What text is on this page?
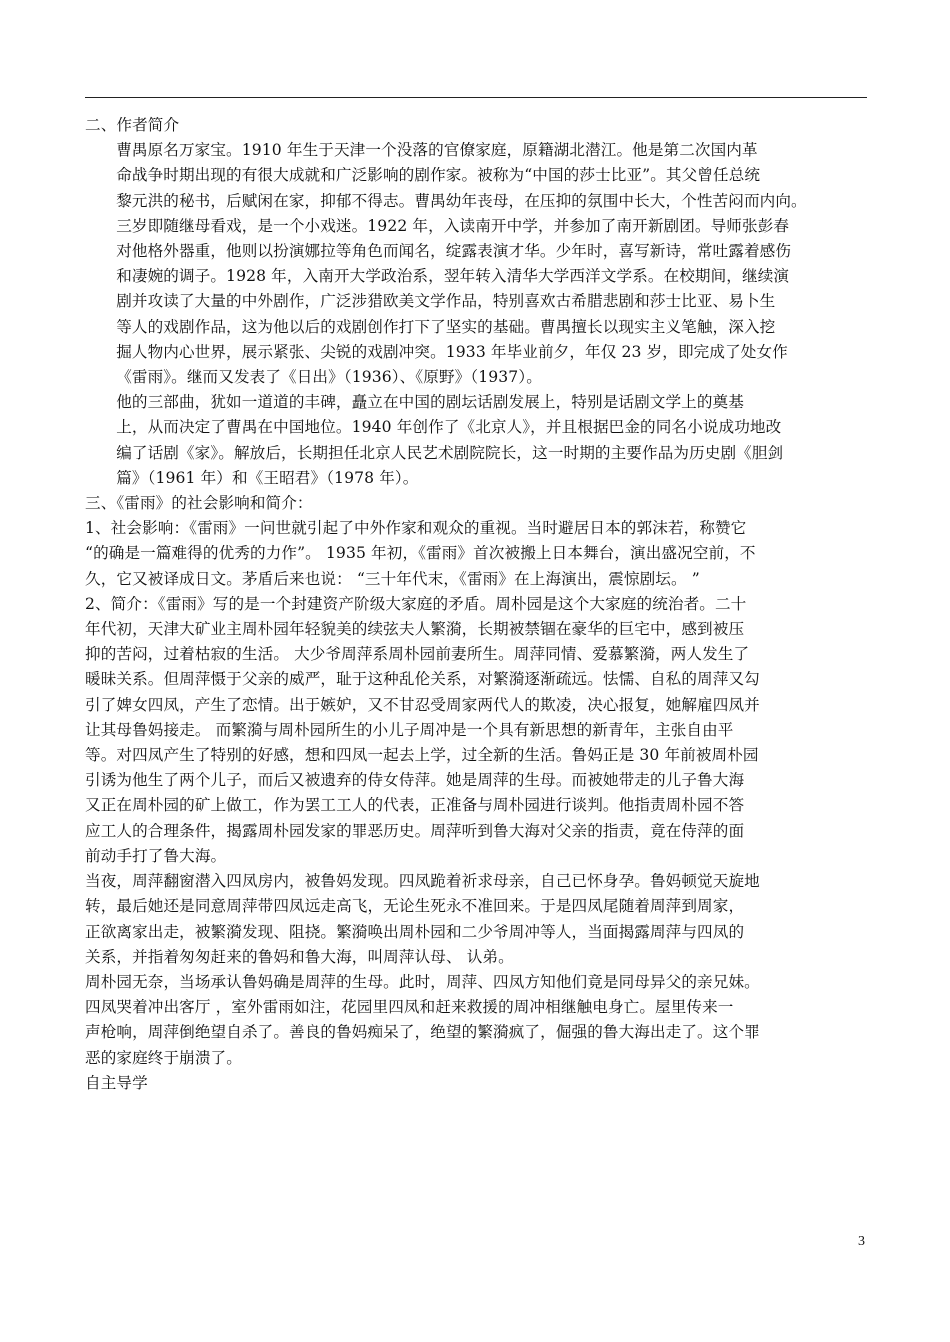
二、作者简介

曹禺原名万家宝。1910 年生于天津一个没落的官僚家庭，原籍湖北潜江。他是第二次国内革
命战争时期出现的有很大成就和广泛影响的剧作家。被称为“中国的莎士比亚”。其父曾任总统
黎元洪的秘书，后赋闲在家，抑郁不得志。曹禺幼年丧母，在压抑的氛围中长大，个性苦闷而内向。
三岁即随继母看戏，是一个小戏迷。1922 年，入读南开中学，并参加了南开新剧团。导师张彭春
对他格外器重，他则以扮演娜拉等角色而闻名，绽露表演才华。少年时，喜写新诗，常吐露着感伤
和凄婉的调子。1928 年，入南开大学政治系，翌年转入清华大学西洋文学系。在校期间，继续演
剧并攻读了大量的中外剧作，广泛涉猎欧美文学作品，特别喜欢古希腊悲剧和莎士比亚、易卜生
等人的戏剧作品，这为他以后的戏剧创作打下了坚实的基础。曹禺擅长以现实主义笔触，深入挖
掘人物内心世界，展示紧张、尖锐的戏剧冲突。1933 年毕业前夕，年仅 23 岁，即完成了处女作
《雷雨》。继而又发表了《日出》（1936）、《原野》（1937）。

他的三部曲，犹如一道道的丰碑，矗立在中国的剧坛话剧发展上，特别是话剧文学上的奠基
上，从而决定了曹禺在中国地位。1940 年创作了《北京人》，并且根据巴金的同名小说成功地改
编了话剧《家》。解放后，长期担任北京人民艺术剧院院长，这一时期的主要作品为历史剧《胆剑
篇》（1961 年）和《王昭君》（1978 年）。

三、《雷雨》的社会影响和简介：

1、社会影响：《雷雨》一问世就引起了中外作家和观众的重视。当时避居日本的郭沫若，称赞它
“的确是一篇难得的优秀的力作”。 1935 年初，《雷雨》首次被搬上日本舞台，演出盛况空前，不
久，它又被译成日文。茅盾后来也说： “三十年代末，《雷雨》在上海演出，震惊剧坛。 ”

2、简介：《雷雨》写的是一个封建资产阶级大家庭的矛盾。周朴园是这个大家庭的统治者。二十
年代初，天津大矿业主周朴园年轻貌美的续弦夫人繁漪，长期被禁锢在豪华的巨宅中，感到被压
抑的苦闷，过着枯寂的生活。 大少爷周萍系周朴园前妻所生。周萍同情、爱慕繁漪，两人发生了
暖昧关系。但周萍慑于父亲的威严，耻于这种乱伦关系，对繁漪逐渐疏远。怯懦、自私的周萍又勾
引了婢女四凤，产生了恋情。出于嫉妒，又不甘忍受周家两代人的欺凌，决心报复，她解雇四凤并
让其母鲁妈接走。 而繁漪与周朴园所生的小儿子周冲是一个具有新思想的新青年，主张自由平
等。对四凤产生了特别的好感，想和四凤一起去上学，过全新的生活。鲁妈正是 30 年前被周朴园
引诱为他生了两个儿子，而后又被遗弃的侍女侍萍。她是周萍的生母。而被她带走的儿子鲁大海
又正在周朴园的矿上做工，作为罢工工人的代表，正准备与周朴园进行谈判。他指责周朴园不答
应工人的合理条件，揭露周朴园发家的罪恶历史。周萍听到鲁大海对父亲的指责，竟在侍萍的面
前动手打了鲁大海。

当夜，周萍翻窗潜入四凤房内，被鲁妈发现。四凤跪着祈求母亲，自己已怀身孕。鲁妈顿觉天旋地
转，最后她还是同意周萍带四凤远走高飞，无论生死永不准回来。于是四凤尾随着周萍到周家，
正欲离家出走，被繁漪发现、阻挠。繁漪唤出周朴园和二少爷周冲等人，当面揭露周萍与四凤的
关系，并指着匆匆赶来的鲁妈和鲁大海，叫周萍认母、 认弟。

周朴园无奈，当场承认鲁妈确是周萍的生母。此时，周萍、四凤方知他们竟是同母异父的亲兄妹。
四凤哭着冲出客厅 ，室外雷雨如注，花园里四凤和赶来救援的周冲相继触电身亡。屋里传来一
声枪响，周萍倒绝望自杀了。善良的鲁妈痴呆了，绝望的繁漪疯了，倔强的鲁大海出走了。这个罪
恶的家庭终于崩溃了。

自主导学

3
